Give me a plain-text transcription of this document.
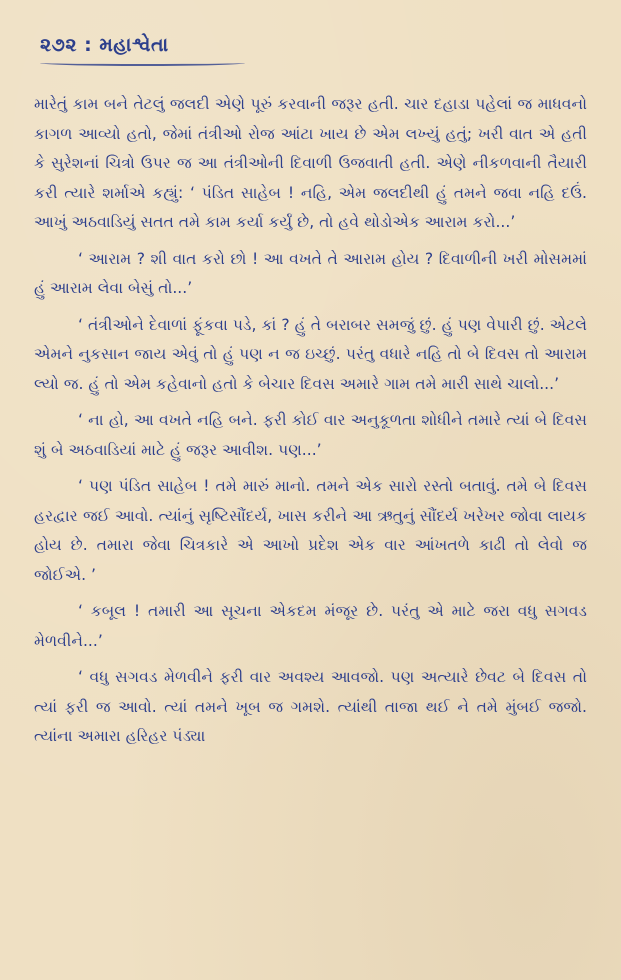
૨૭૨ : મહાશ્વેતા

મારેતું કામ બને તેટલું જલદી એણે પૂરું કરવાની જરૂર હતી. ચાર દહાડા પહેલાં જ માધવનો કાગળ આવ્યો હતો, જેમાં તંત્રીઓ રોજ આંટા ખાય છે એમ લખ્યું હતું; ખરી વાત એ હતી કે સુરેશનાં ચિત્રો ઉપર જ આ તંત્રીઓની દિવાળી ઉજવાતી હતી. એણે નીકળવાની તૈયારી કરી ત્યારે શર્માએ કહ્યું: ‘ પંડિત સાહેબ ! નહિ, એમ જલદીથી હું તમને જવા નહિ દઉં. આખું અઠવાડિયું સતત તમે કામ કર્યા કર્યું છે, તો હવે થોડોએક આરામ કરો...’

‘ આરામ ? શી વાત કરો છો ! આ વખતે તે આરામ હોય ? દિવાળીની ખરી મોસમમાં હું આરામ લેવા બેસું તો...’

‘ તંત્રીઓને દેવાળાં ફૂંકવા પડે, કાં ? હું તે બરાબર સમજું છું. હું પણ વેપારી છું. એટલે એમને નુકસાન જાય એવું તો હું પણ ન જ ઇચ્છું. પરંતુ વધારે નહિ તો બે દિવસ તો આરામ લ્યો જ. હું તો એમ કહેવાનો હતો કે બેચાર દિવસ અમારે ગામ તમે મારી સાથે ચાલો...’

‘ ના હો, આ વખતે નહિ બને. ફરી કોઈ વાર અનુકૂળતા શોધીને તમારે ત્યાં બે દિવસ શું બે અઠવાડિયાં માટે હું જરૂર આવીશ. પણ...’

‘ પણ પંડિત સાહેબ ! તમે મારું માનો. તમને એક સારો રસ્તો બતાવું. તમે બે દિવસ હરદ્વાર જઈ આવો. ત્યાંનું સૃષ્ટિસૌંદર્ય, ખાસ કરીને આ ઋતુનું સૌંદર્ય ખરેખર જોવા લાયક હોય છે. તમારા જેવા ચિત્રકારે એ આખો પ્રદેશ એક વાર આંખતળે કાઢી તો લેવો જ જોઈએ. ’

‘ કબૂલ ! તમારી આ સૂચના એકદમ મંજૂર છે. પરંતુ એ માટે જરા વધુ સગવડ મેળવીને...’

‘ વધુ સગવડ મેળવીને ફરી વાર અવશ્ય આવજો. પણ અત્યારે છેવટ બે દિવસ તો ત્યાં ફરી જ આવો. ત્યાં તમને ખૂબ જ ગમશે. ત્યાંથી તાજા થઈ ને તમે મુંબઈ જજો. ત્યાંના અમારા હરિહર પંડ્યા
